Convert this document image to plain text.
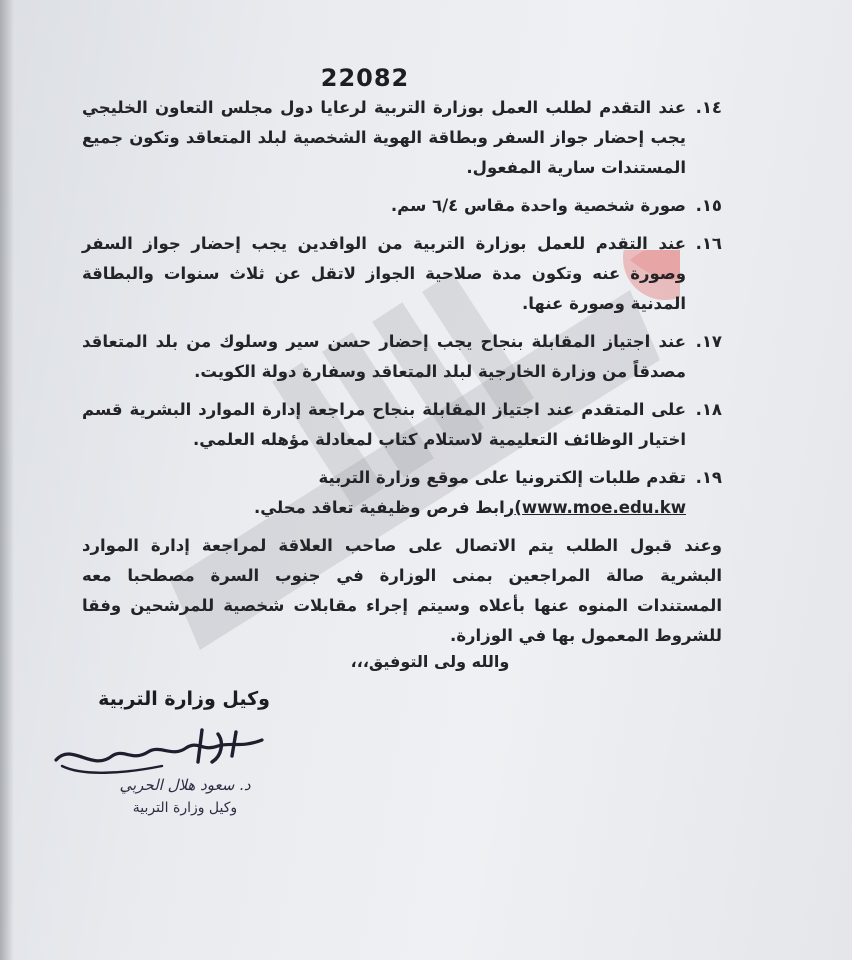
22082
١٤.
عند التقدم لطلب العمل بوزارة التربية لرعايا دول مجلس التعاون الخليجي يجب إحضار جواز السفر وبطاقة الهوية الشخصية لبلد المتعاقد وتكون جميع المستندات سارية المفعول.
١٥.
صورة شخصية واحدة مقاس ٦/٤ سم.
١٦.
عند التقدم للعمل بوزارة التربية من الوافدين يجب إحضار جواز السفر وصورة عنه وتكون مدة صلاحية الجواز لاتقل عن ثلاث سنوات والبطاقة المدنية وصورة عنها.
١٧.
عند اجتياز المقابلة بنجاح يجب إحضار حسن سير وسلوك من بلد المتعاقد مصدقاً من وزارة الخارجية لبلد المتعاقد وسفارة دولة الكويت.
١٨.
على المتقدم عند اجتياز المقابلة بنجاح مراجعة إدارة الموارد البشرية قسم اختيار الوظائف التعليمية لاستلام كتاب لمعادلة مؤهله العلمي.
١٩.
تقدم طلبات إلكترونيا على موقع وزارة التربية
(www.moe.edu.kwرابط فرص وظيفية تعاقد محلي.
وعند قبول الطلب يتم الاتصال على صاحب العلاقة لمراجعة إدارة الموارد البشرية صالة المراجعين بمنى الوزارة في جنوب السرة مصطحبا معه المستندات المنوه عنها بأعلاه وسيتم إجراء مقابلات شخصية للمرشحين وفقا للشروط المعمول بها في الوزارة.
والله ولى التوفيق،،،
وكيل وزارة التربية
د. سعود هلال الحربي
وكيل وزارة التربية
